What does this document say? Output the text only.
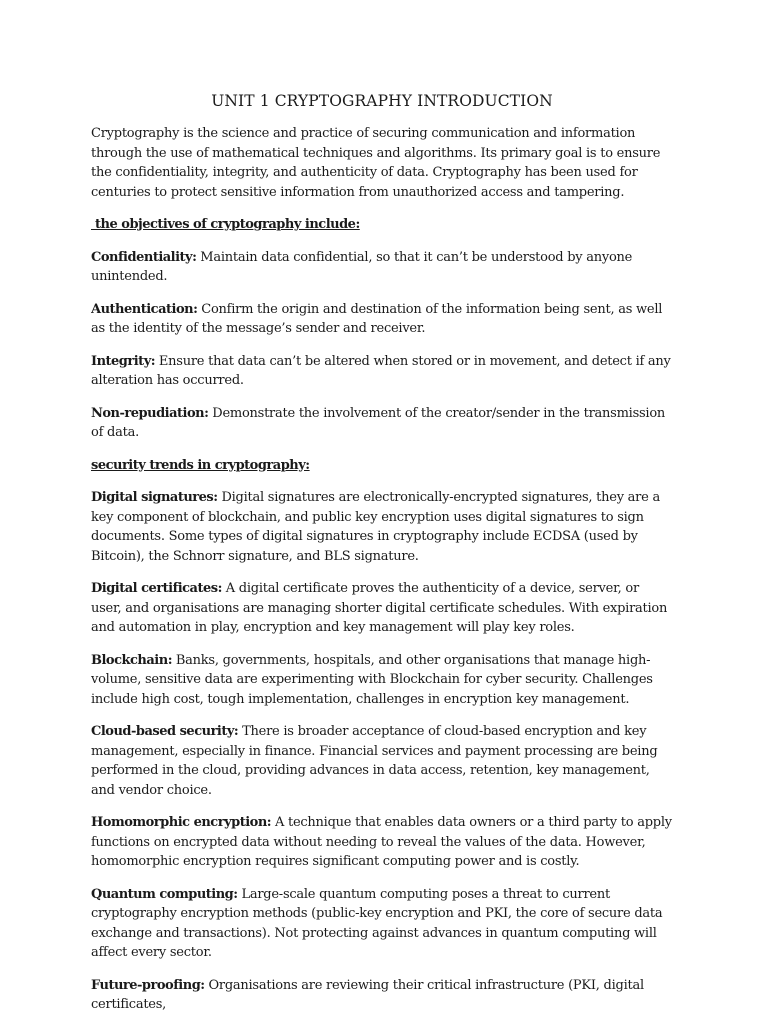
UNIT 1 CRYPTOGRAPHY INTRODUCTION

Cryptography is the science and practice of securing communication and information through the use of mathematical techniques and algorithms. Its primary goal is to ensure the confidentiality, integrity, and authenticity of data. Cryptography has been used for centuries to protect sensitive information from unauthorized access and tampering.

the objectives of cryptography include:

Confidentiality: Maintain data confidential, so that it can’t be understood by anyone unintended.

Authentication: Confirm the origin and destination of the information being sent, as well as the identity of the message’s sender and receiver.

Integrity: Ensure that data can’t be altered when stored or in movement, and detect if any alteration has occurred.

Non-repudiation: Demonstrate the involvement of the creator/sender in the transmission of data.

security trends in cryptography:

Digital signatures: Digital signatures are electronically-encrypted signatures, they are a key component of blockchain, and public key encryption uses digital signatures to sign documents. Some types of digital signatures in cryptography include ECDSA (used by Bitcoin), the Schnorr signature, and BLS signature.

Digital certificates: A digital certificate proves the authenticity of a device, server, or user, and organisations are managing shorter digital certificate schedules. With expiration and automation in play, encryption and key management will play key roles.

Blockchain: Banks, governments, hospitals, and other organisations that manage high-volume, sensitive data are experimenting with Blockchain for cyber security. Challenges include high cost, tough implementation, challenges in encryption key management.

Cloud-based security: There is broader acceptance of cloud-based encryption and key management, especially in finance. Financial services and payment processing are being performed in the cloud, providing advances in data access, retention, key management, and vendor choice.

Homomorphic encryption: A technique that enables data owners or a third party to apply functions on encrypted data without needing to reveal the values of the data. However, homomorphic encryption requires significant computing power and is costly.

Quantum computing: Large-scale quantum computing poses a threat to current cryptography encryption methods (public-key encryption and PKI, the core of secure data exchange and transactions). Not protecting against advances in quantum computing will affect every sector.

Future-proofing: Organisations are reviewing their critical infrastructure (PKI, digital certificates,
